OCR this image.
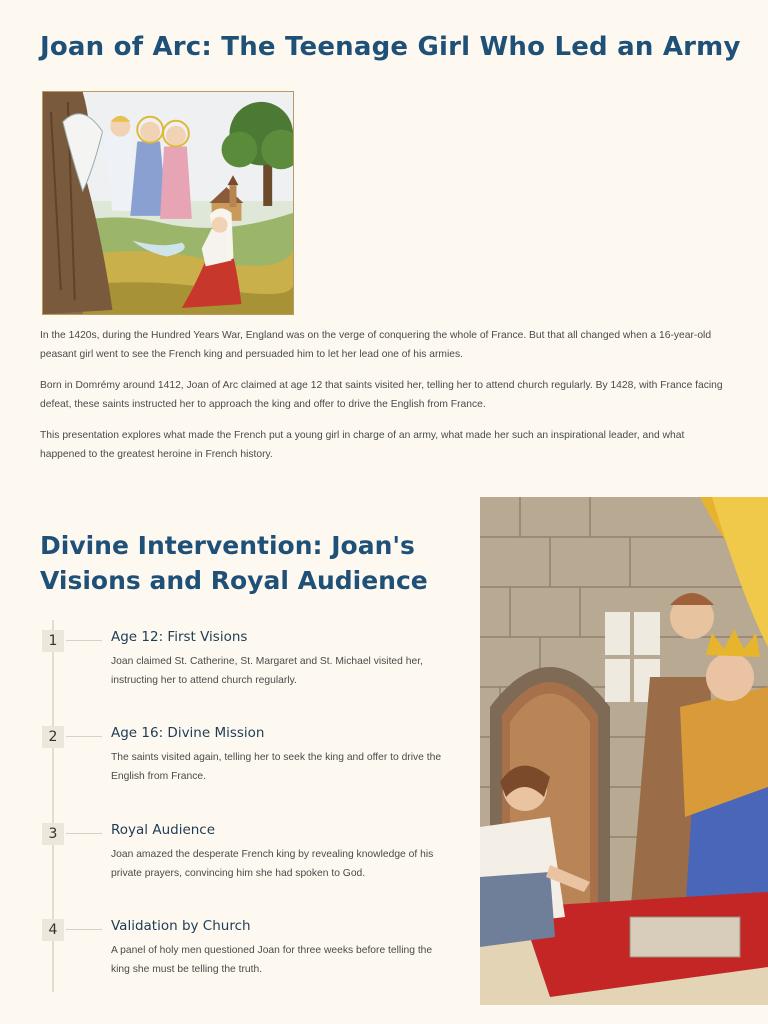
Joan of Arc: The Teenage Girl Who Led an Army

In the 1420s, during the Hundred Years War, England was on the verge of conquering the whole of France. But that all changed when a 16-year-old peasant girl went to see the French king and persuaded him to let her lead one of his armies.

Born in Domrémy around 1412, Joan of Arc claimed at age 12 that saints visited her, telling her to attend church regularly. By 1428, with France facing defeat, these saints instructed her to approach the king and offer to drive the English from France.

This presentation explores what made the French put a young girl in charge of an army, what made her such an inspirational leader, and what happened to the greatest heroine in French history.

Divine Intervention: Joan's Visions and Royal Audience
1	Age 12: First Visions
Joan claimed St. Catherine, St. Margaret and St. Michael visited her, instructing her to attend church regularly.
2	Age 16: Divine Mission
The saints visited again, telling her to seek the king and offer to drive the English from France.
3	Royal Audience
Joan amazed the desperate French king by revealing knowledge of his private prayers, convincing him she had spoken to God.
4	Validation by Church
A panel of holy men questioned Joan for three weeks before telling the king she must be telling the truth.
